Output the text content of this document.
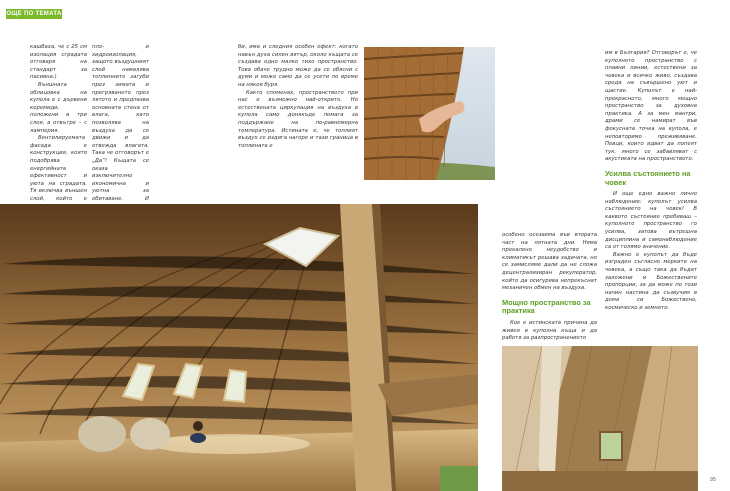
ОЩЕ ПО ТЕМАТА

кашбаха, че с 25 см изолация сградата отговаря на стандарт за пасивна.)

Външната облицовка на купола е с дървени керемиди, положени в три слоя, а отвътре – с ламперия.

Вентилируемата фасада е конструкция, която подобрява енергийната ефективност и уюта на сградата. Тя включва външен слой, който е

пло- и хидроизолация, защото въздушният слой намалява топлинните загуби през зимата и прегряването през лятото и предпазва основната стена от влага, като позволява на въздуха да се движи и да отвежда влагата. Така че отговорът е „Да“! Къщата се оказа изключително икономична и уютна за обитаване. И

би, има и следния особен ефект: когато навън духа силен вятър, около къщата се създава едно малко тихо пространство. Това обаче трудно може да се обясни с думи и може само да се усети по време на някоя буря.

Както споменах, пространството при нас е възможно най-открито. Но естествената циркулация на въздуха в купола само донякъде помага за поддържане на по-равномерна температура. Истината е, че топлият въздух се издига нагоре и тази граница в топлината е

особено осезаема във втората част на лятната дни. Няма прекалено неудобство и климатикът решава задачата, но се замисляме дали да не сложа децентрализиран рекуператор, който да осигурява непрекъснат механичен обмен на въздуха.

Мощно пространство за практика

Кое е истинската причина да живея в куполна къща и да работя за разпространението

им в България? Отговорът е, че куполното пространство с плавни линии, естествени за човека и всичко живо, създава среда на съвършено уют и щастие. Куполът е най-прекрасното, много мощно пространство за духовна практика. А за мен мантри, драми се намират във фокусната точка на купола, е неповторимо преживяване. Певци, които идват да попеят тук, много се забавляват с акустиката на пространството.

Усилва състоянието на човек

И още едно важно лично наблюдение: куполът усилва състоянието на човек! В каквото състояние пребиваш – куполното пространство го усилва, затова вътрешна дисциплина и самонаблюдение са от голямо значение.

Важно е куполът да бъде изграден съгласно мерките на човека, а също така да бъдат заложени и Божествените пропорции, за да може по този начин настина да съзвучим в дома си Божествено, космическо и земното.

95
